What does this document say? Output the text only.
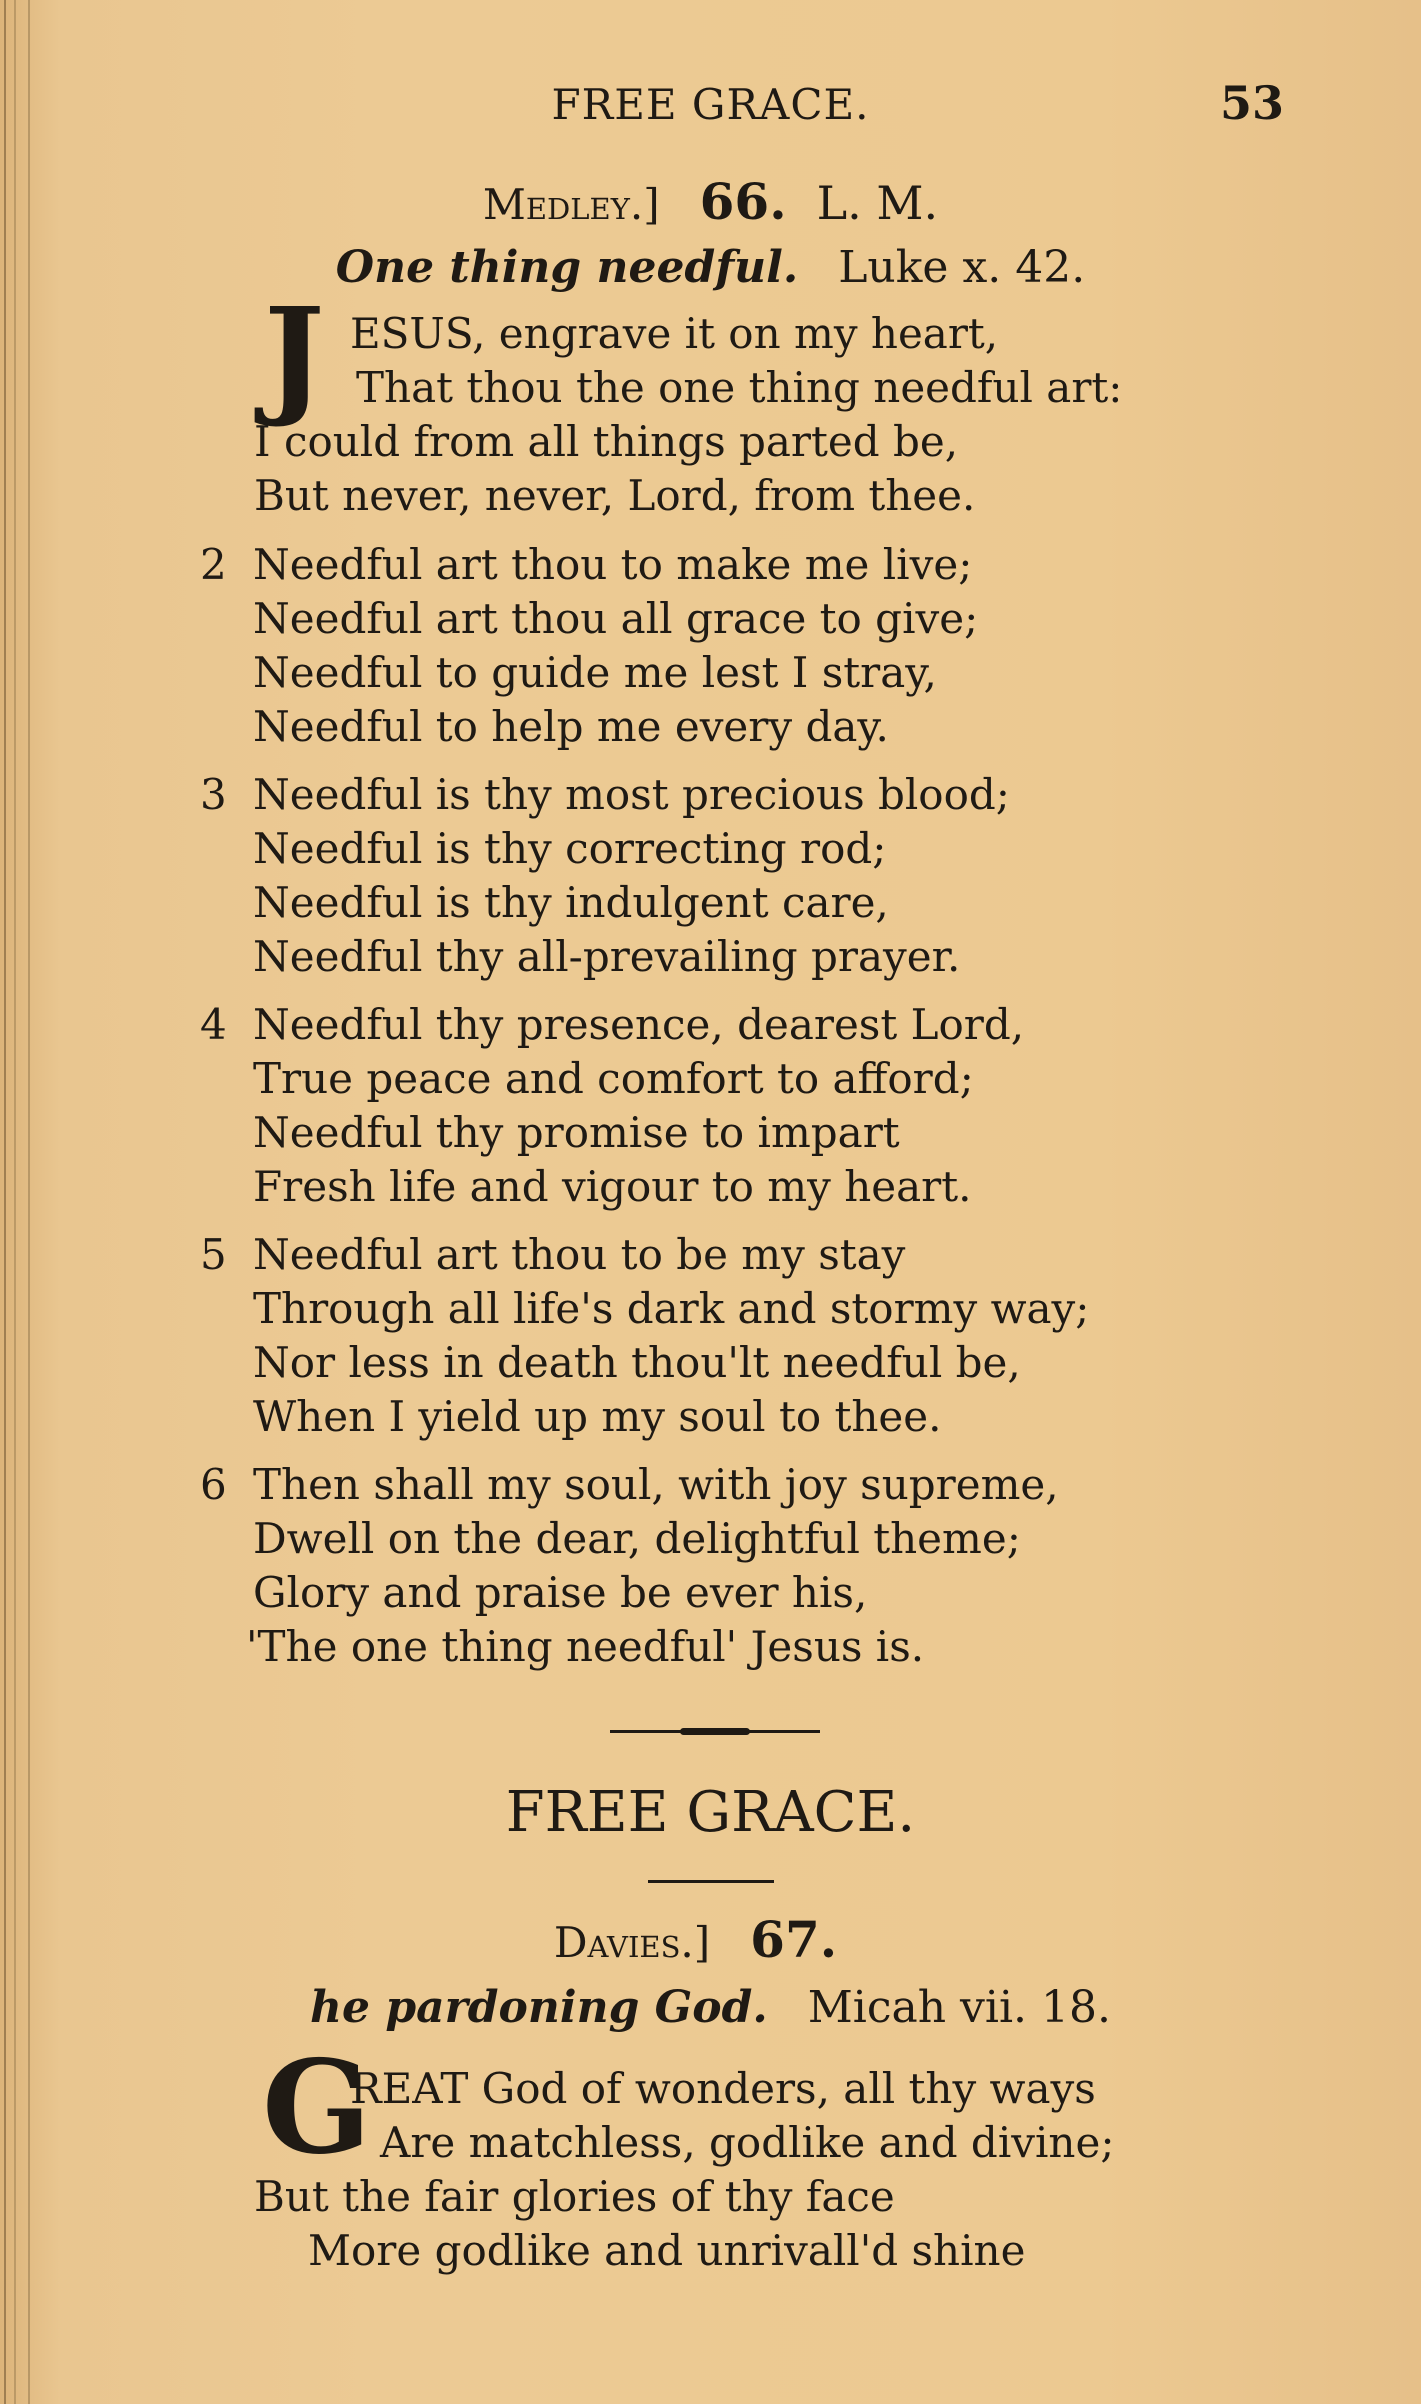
FREE GRACE.	53
Medley.] 66. L. M.
One thing needful. Luke x. 42.
J ESUS, engrave it on my heart,
That thou the one thing needful art:
I could from all things parted be,
But never, never, Lord, from thee.
2 Needful art thou to make me live;
Needful art thou all grace to give;
Needful to guide me lest I stray,
Needful to help me every day.
3 Needful is thy most precious blood;
Needful is thy correcting rod;
Needful is thy indulgent care,
Needful thy all-prevailing prayer.
4 Needful thy presence, dearest Lord,
True peace and comfort to afford;
Needful thy promise to impart
Fresh life and vigour to my heart.
5 Needful art thou to be my stay
Through all life's dark and stormy way;
Nor less in death thou'lt needful be,
When I yield up my soul to thee.
6 Then shall my soul, with joy supreme,
Dwell on the dear, delightful theme;
Glory and praise be ever his,
'The one thing needful' Jesus is.
FREE GRACE.
Davies.] 67.
he pardoning God. Micah vii. 18.
G
REAT God of wonders, all thy ways
Are matchless, godlike and divine;
But the fair glories of thy face
More godlike and unrivall'd shine
